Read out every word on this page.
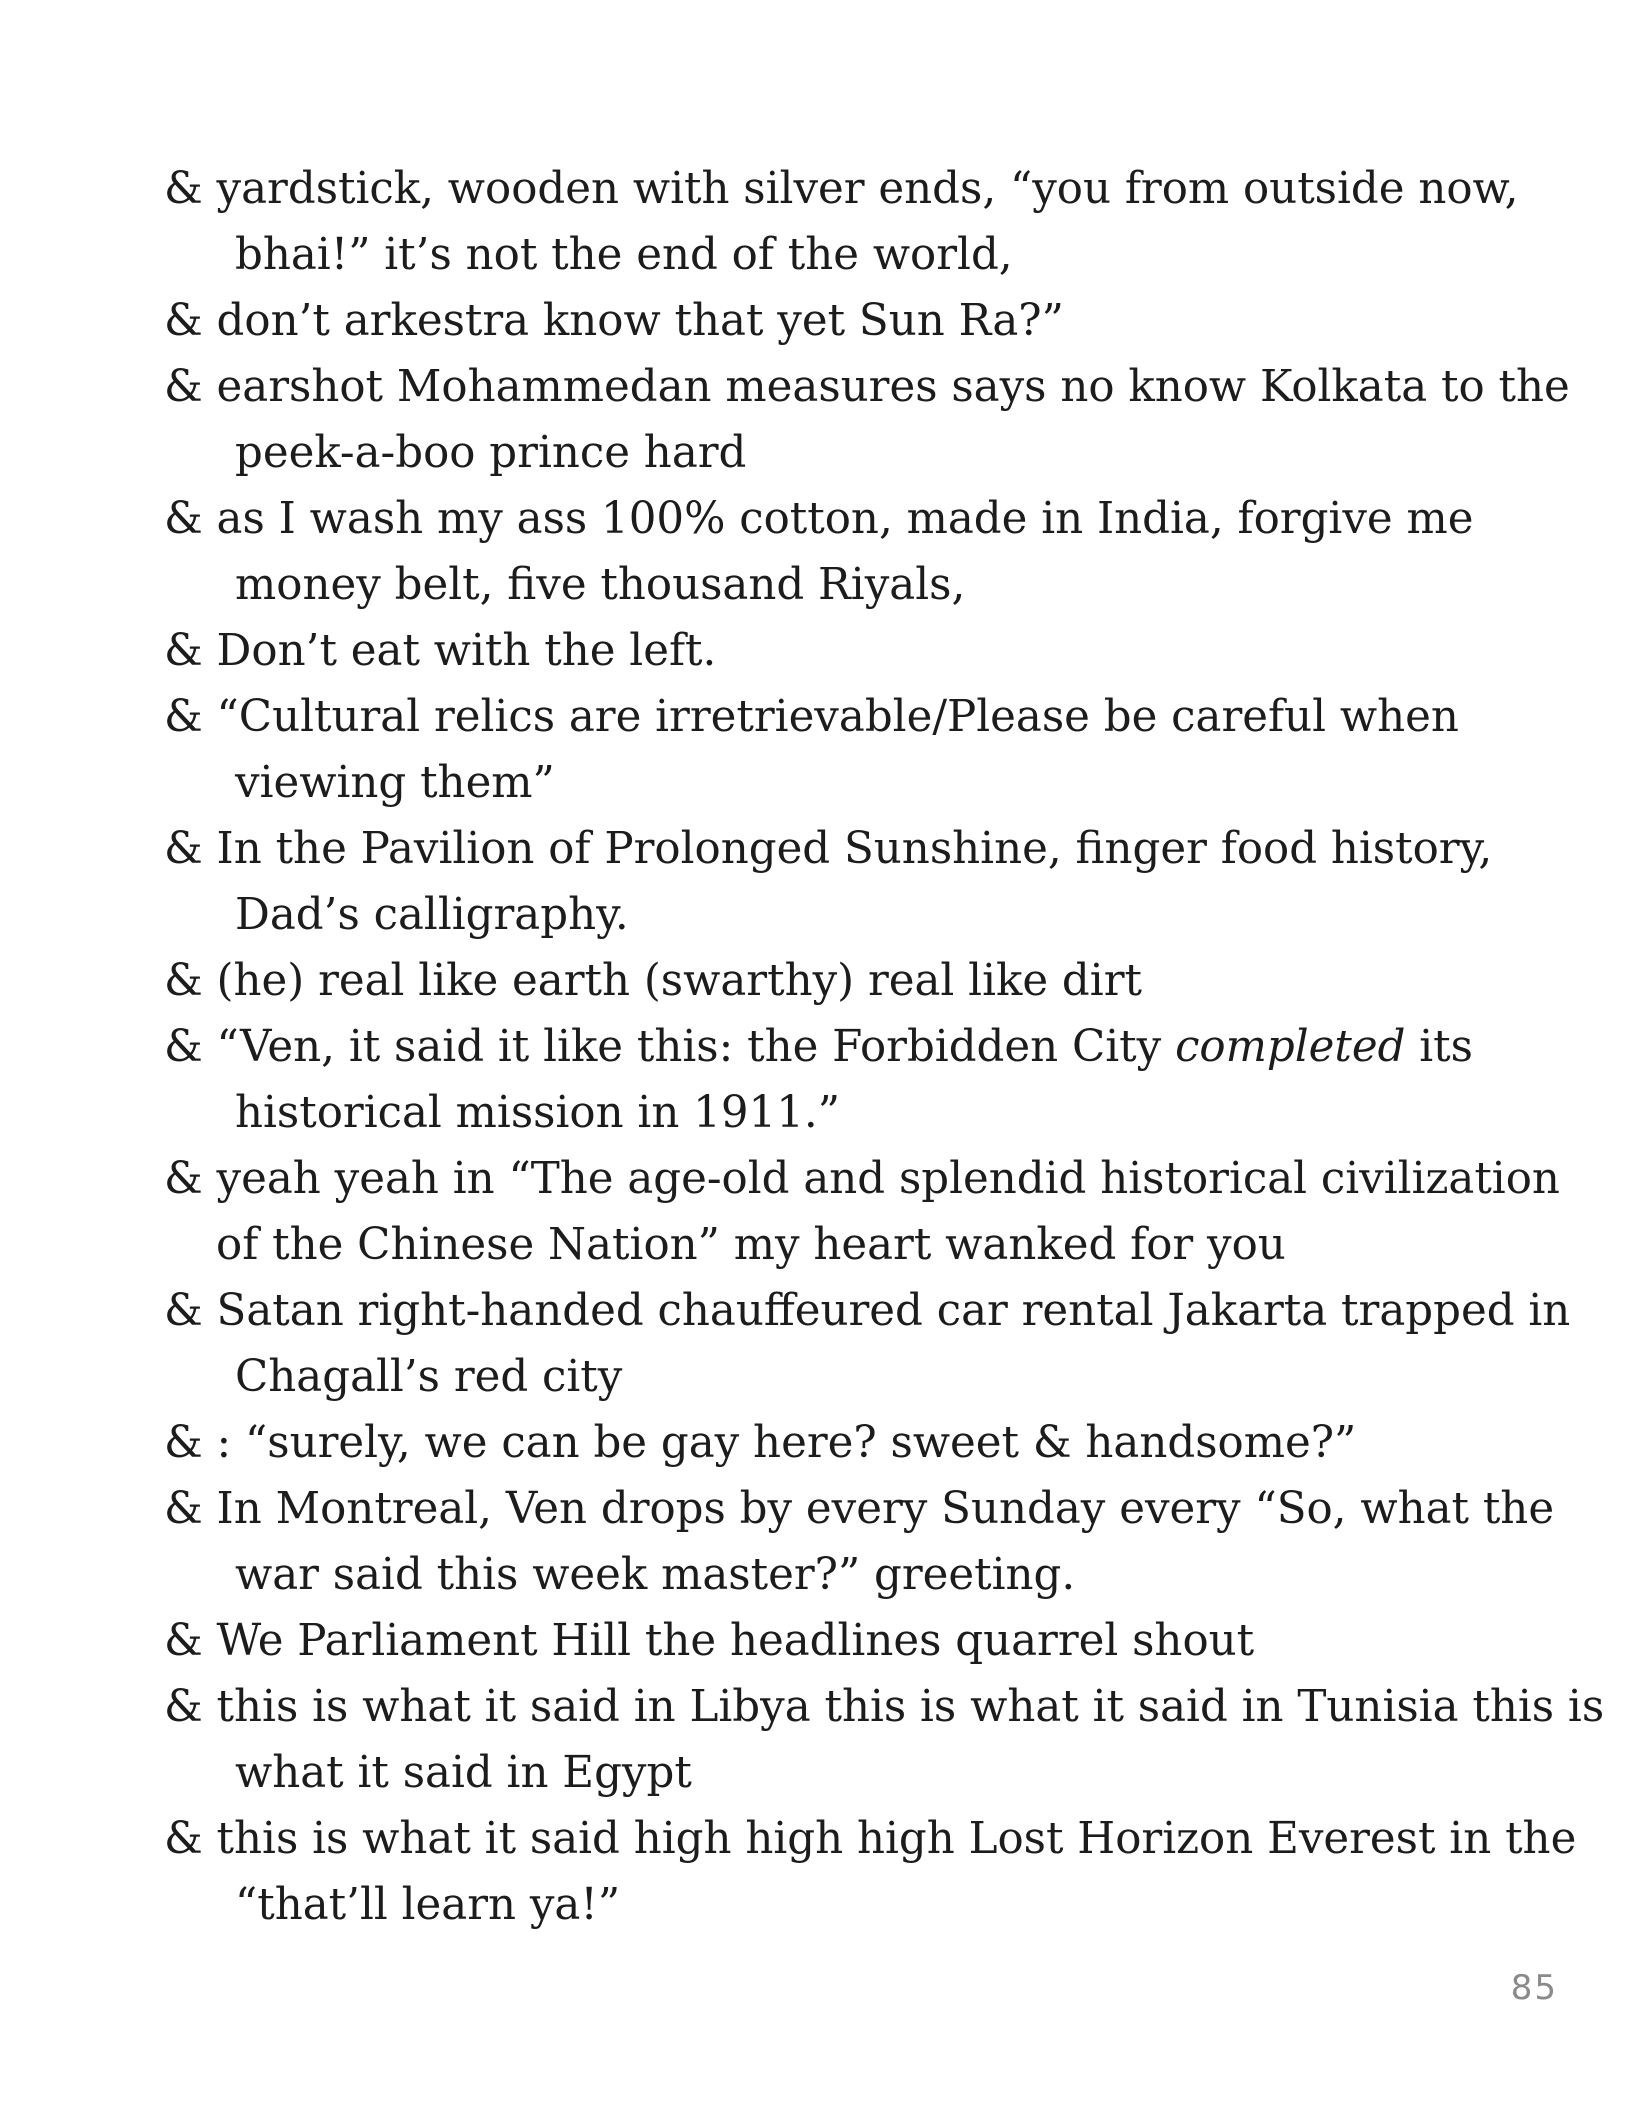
& yardstick, wooden with silver ends, “you from outside now,
bhai!” it’s not the end of the world,
& don’t arkestra know that yet Sun Ra?”
& earshot Mohammedan measures says no know Kolkata to the
peek-a-boo prince hard
& as I wash my ass 100% cotton, made in India, forgive me
money belt, five thousand Riyals,
& Don’t eat with the left.
& “Cultural relics are irretrievable/Please be careful when
viewing them”
& In the Pavilion of Prolonged Sunshine, finger food history,
Dad’s calligraphy.
& (he) real like earth (swarthy) real like dirt
& “Ven, it said it like this: the Forbidden City completed its
historical mission in 1911.”
& yeah yeah in “The age-old and splendid historical civilization
of the Chinese Nation” my heart wanked for you
& Satan right-handed chauffeured car rental Jakarta trapped in
Chagall’s red city
& : “surely, we can be gay here? sweet & handsome?”
& In Montreal, Ven drops by every Sunday every “So, what the
war said this week master?” greeting.
& We Parliament Hill the headlines quarrel shout
& this is what it said in Libya this is what it said in Tunisia this is
what it said in Egypt
& this is what it said high high high Lost Horizon Everest in the
“that’ll learn ya!”
85
